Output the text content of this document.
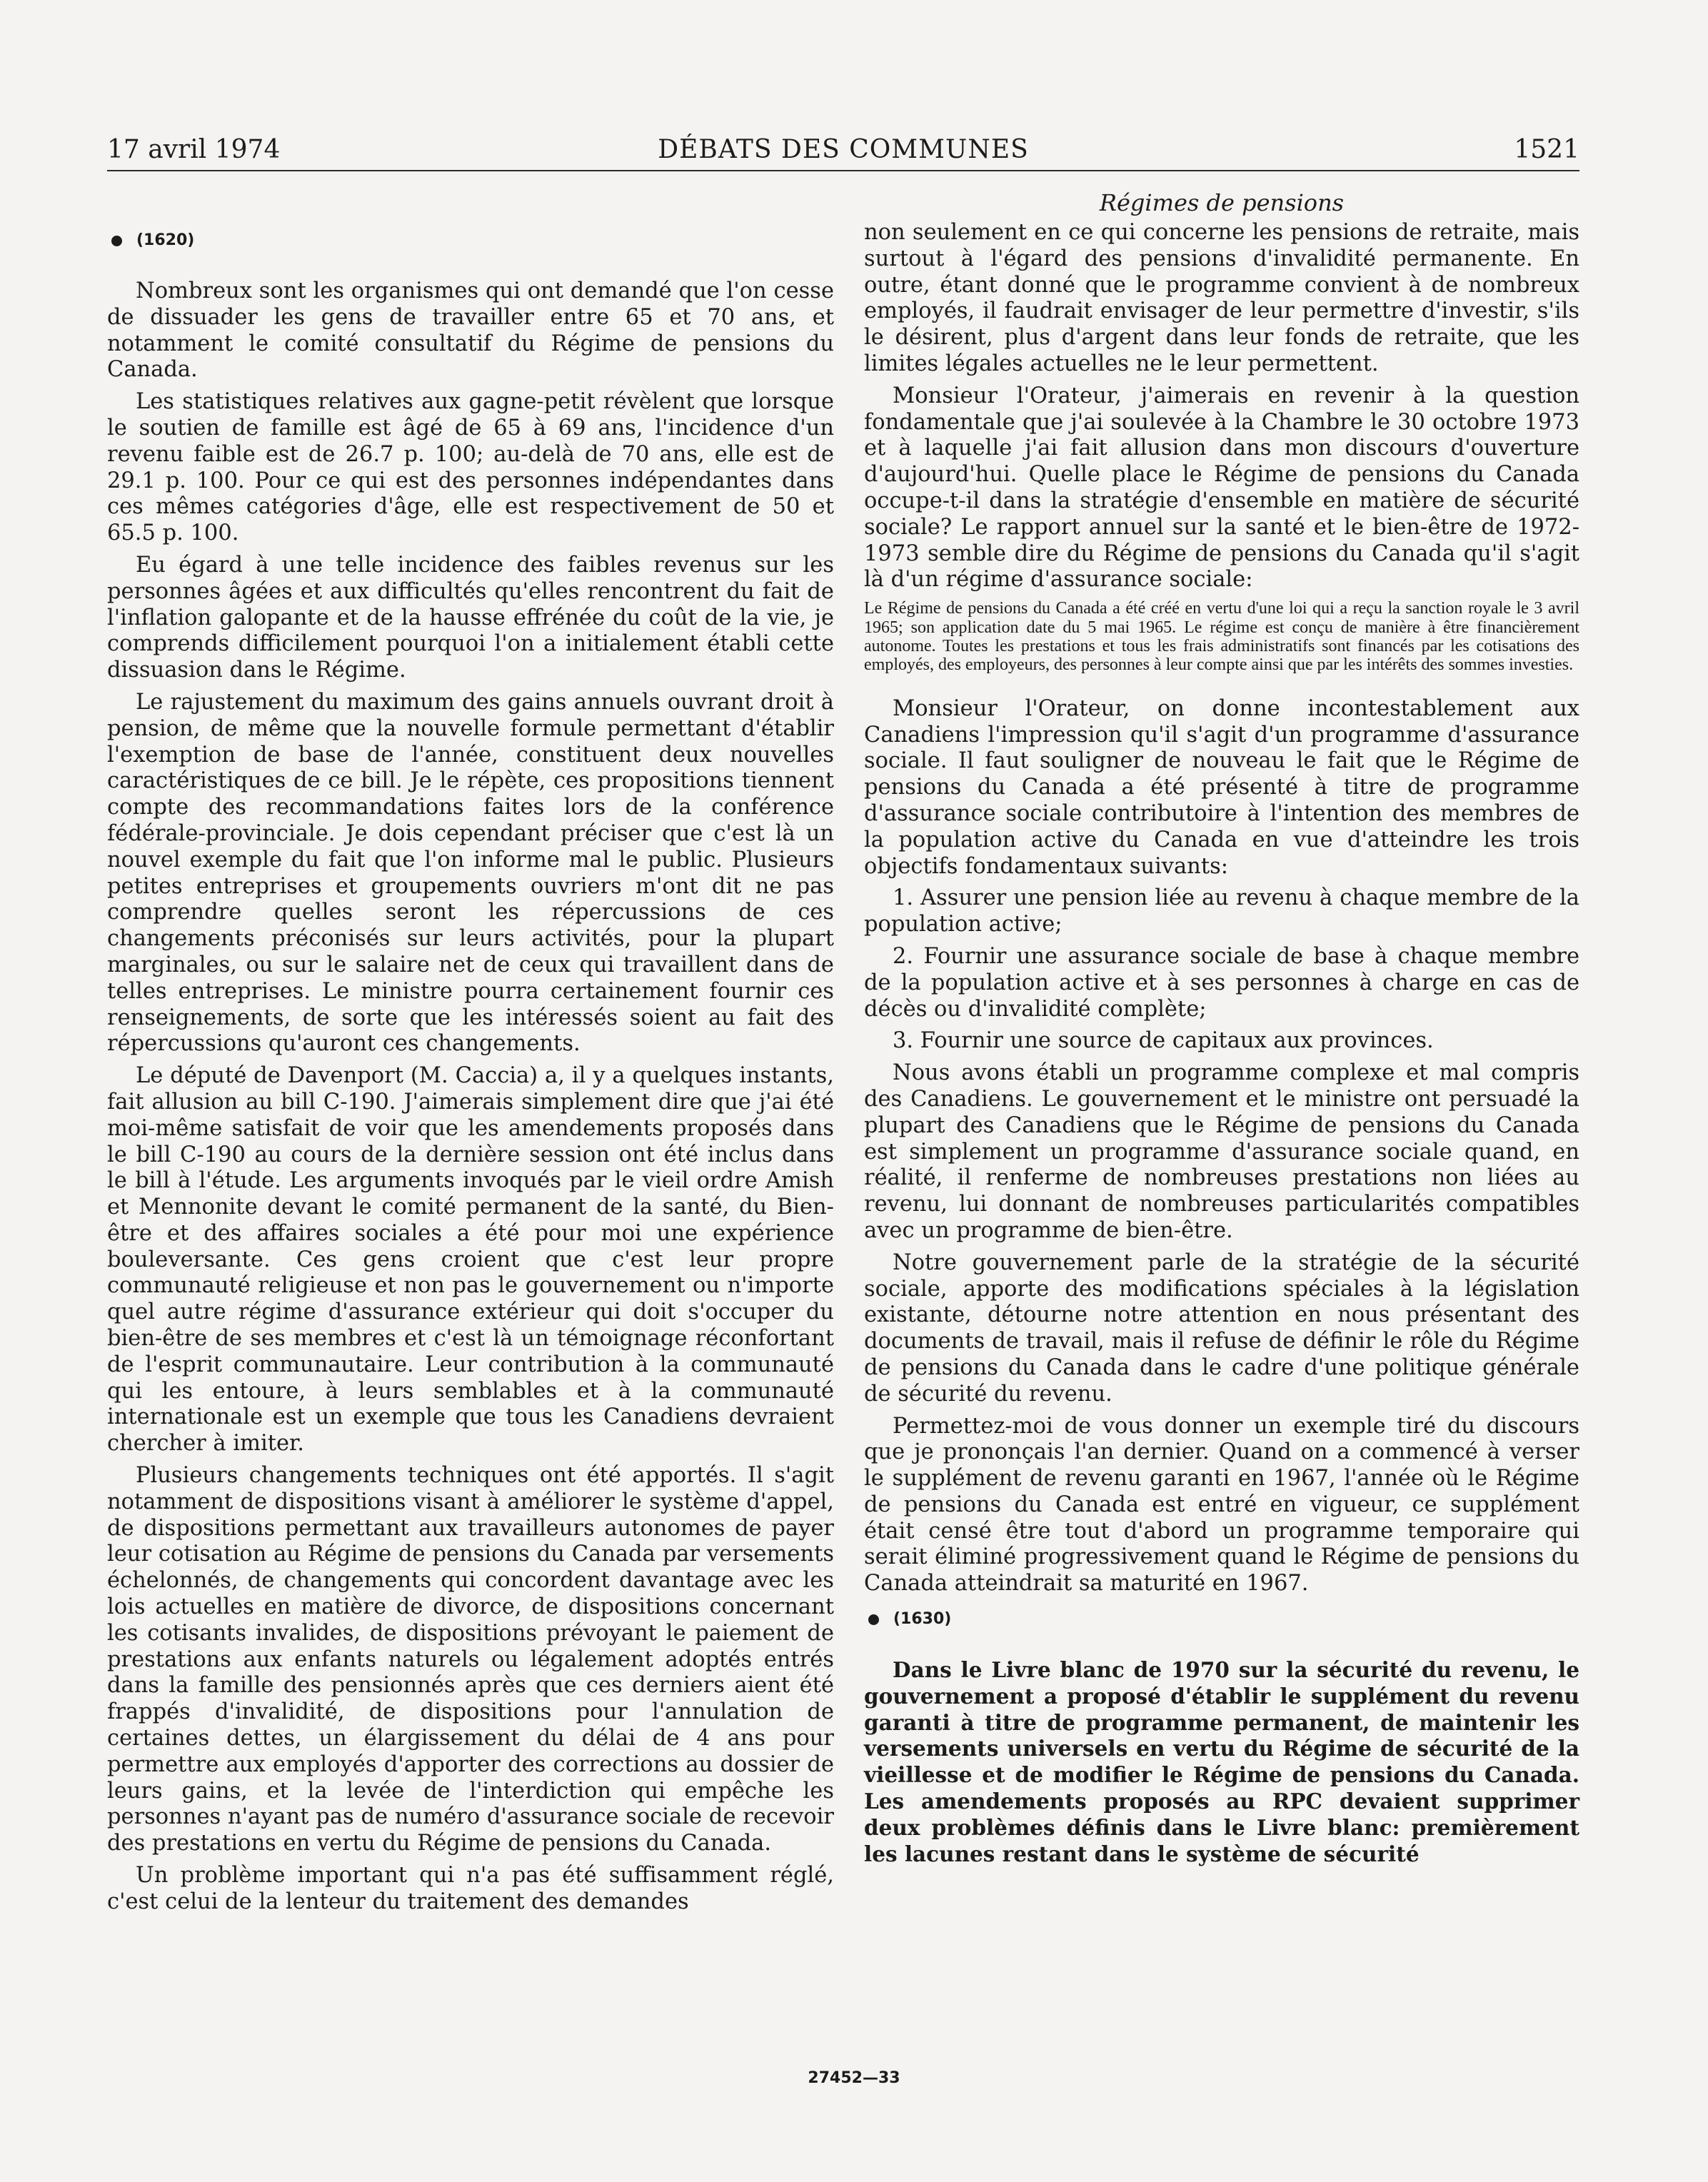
17 avril 1974	DÉBATS DES COMMUNES	1521
Régimes de pensions
(1620)

Nombreux sont les organismes qui ont demandé que l'on cesse de dissuader les gens de travailler entre 65 et 70 ans, et notamment le comité consultatif du Régime de pensions du Canada.

Les statistiques relatives aux gagne-petit révèlent que lorsque le soutien de famille est âgé de 65 à 69 ans, l'incidence d'un revenu faible est de 26.7 p. 100; au-delà de 70 ans, elle est de 29.1 p. 100. Pour ce qui est des personnes indépendantes dans ces mêmes catégories d'âge, elle est respectivement de 50 et 65.5 p. 100.

Eu égard à une telle incidence des faibles revenus sur les personnes âgées et aux difficultés qu'elles rencontrent du fait de l'inflation galopante et de la hausse effrénée du coût de la vie, je comprends difficilement pourquoi l'on a initialement établi cette dissuasion dans le Régime.

Le rajustement du maximum des gains annuels ouvrant droit à pension, de même que la nouvelle formule permettant d'établir l'exemption de base de l'année, constituent deux nouvelles caractéristiques de ce bill. Je le répète, ces propositions tiennent compte des recommandations faites lors de la conférence fédérale-provinciale. Je dois cependant préciser que c'est là un nouvel exemple du fait que l'on informe mal le public. Plusieurs petites entreprises et groupements ouvriers m'ont dit ne pas comprendre quelles seront les répercussions de ces changements préconisés sur leurs activités, pour la plupart marginales, ou sur le salaire net de ceux qui travaillent dans de telles entreprises. Le ministre pourra certainement fournir ces renseignements, de sorte que les intéressés soient au fait des répercussions qu'auront ces changements.

Le député de Davenport (M. Caccia) a, il y a quelques instants, fait allusion au bill C-190. J'aimerais simplement dire que j'ai été moi-même satisfait de voir que les amendements proposés dans le bill C-190 au cours de la dernière session ont été inclus dans le bill à l'étude. Les arguments invoqués par le vieil ordre Amish et Mennonite devant le comité permanent de la santé, du Bien-être et des affaires sociales a été pour moi une expérience bouleversante. Ces gens croient que c'est leur propre communauté religieuse et non pas le gouvernement ou n'importe quel autre régime d'assurance extérieur qui doit s'occuper du bien-être de ses membres et c'est là un témoignage réconfortant de l'esprit communautaire. Leur contribution à la communauté qui les entoure, à leurs semblables et à la communauté internationale est un exemple que tous les Canadiens devraient chercher à imiter.

Plusieurs changements techniques ont été apportés. Il s'agit notamment de dispositions visant à améliorer le système d'appel, de dispositions permettant aux travailleurs autonomes de payer leur cotisation au Régime de pensions du Canada par versements échelonnés, de changements qui concordent davantage avec les lois actuelles en matière de divorce, de dispositions concernant les cotisants invalides, de dispositions prévoyant le paiement de prestations aux enfants naturels ou légalement adoptés entrés dans la famille des pensionnés après que ces derniers aient été frappés d'invalidité, de dispositions pour l'annulation de certaines dettes, un élargissement du délai de 4 ans pour permettre aux employés d'apporter des corrections au dossier de leurs gains, et la levée de l'interdiction qui empêche les personnes n'ayant pas de numéro d'assurance sociale de recevoir des prestations en vertu du Régime de pensions du Canada.

Un problème important qui n'a pas été suffisamment réglé, c'est celui de la lenteur du traitement des demandes

non seulement en ce qui concerne les pensions de retraite, mais surtout à l'égard des pensions d'invalidité permanente. En outre, étant donné que le programme convient à de nombreux employés, il faudrait envisager de leur permettre d'investir, s'ils le désirent, plus d'argent dans leur fonds de retraite, que les limites légales actuelles ne le leur permettent.

Monsieur l'Orateur, j'aimerais en revenir à la question fondamentale que j'ai soulevée à la Chambre le 30 octobre 1973 et à laquelle j'ai fait allusion dans mon discours d'ouverture d'aujourd'hui. Quelle place le Régime de pensions du Canada occupe-t-il dans la stratégie d'ensemble en matière de sécurité sociale? Le rapport annuel sur la santé et le bien-être de 1972-1973 semble dire du Régime de pensions du Canada qu'il s'agit là d'un régime d'assurance sociale:

Le Régime de pensions du Canada a été créé en vertu d'une loi qui a reçu la sanction royale le 3 avril 1965; son application date du 5 mai 1965. Le régime est conçu de manière à être financièrement autonome. Toutes les prestations et tous les frais administratifs sont financés par les cotisations des employés, des employeurs, des personnes à leur compte ainsi que par les intérêts des sommes investies.

Monsieur l'Orateur, on donne incontestablement aux Canadiens l'impression qu'il s'agit d'un programme d'assurance sociale. Il faut souligner de nouveau le fait que le Régime de pensions du Canada a été présenté à titre de programme d'assurance sociale contributoire à l'intention des membres de la population active du Canada en vue d'atteindre les trois objectifs fondamentaux suivants:

1. Assurer une pension liée au revenu à chaque membre de la population active;

2. Fournir une assurance sociale de base à chaque membre de la population active et à ses personnes à charge en cas de décès ou d'invalidité complète;

3. Fournir une source de capitaux aux provinces.

Nous avons établi un programme complexe et mal compris des Canadiens. Le gouvernement et le ministre ont persuadé la plupart des Canadiens que le Régime de pensions du Canada est simplement un programme d'assurance sociale quand, en réalité, il renferme de nombreuses prestations non liées au revenu, lui donnant de nombreuses particularités compatibles avec un programme de bien-être.

Notre gouvernement parle de la stratégie de la sécurité sociale, apporte des modifications spéciales à la législation existante, détourne notre attention en nous présentant des documents de travail, mais il refuse de définir le rôle du Régime de pensions du Canada dans le cadre d'une politique générale de sécurité du revenu.

Permettez-moi de vous donner un exemple tiré du discours que je prononçais l'an dernier. Quand on a commencé à verser le supplément de revenu garanti en 1967, l'année où le Régime de pensions du Canada est entré en vigueur, ce supplément était censé être tout d'abord un programme temporaire qui serait éliminé progressivement quand le Régime de pensions du Canada atteindrait sa maturité en 1967.

(1630)

Dans le Livre blanc de 1970 sur la sécurité du revenu, le gouvernement a proposé d'établir le supplément du revenu garanti à titre de programme permanent, de maintenir les versements universels en vertu du Régime de sécurité de la vieillesse et de modifier le Régime de pensions du Canada. Les amendements proposés au RPC devaient supprimer deux problèmes définis dans le Livre blanc: premièrement les lacunes restant dans le système de sécurité

27452—33
